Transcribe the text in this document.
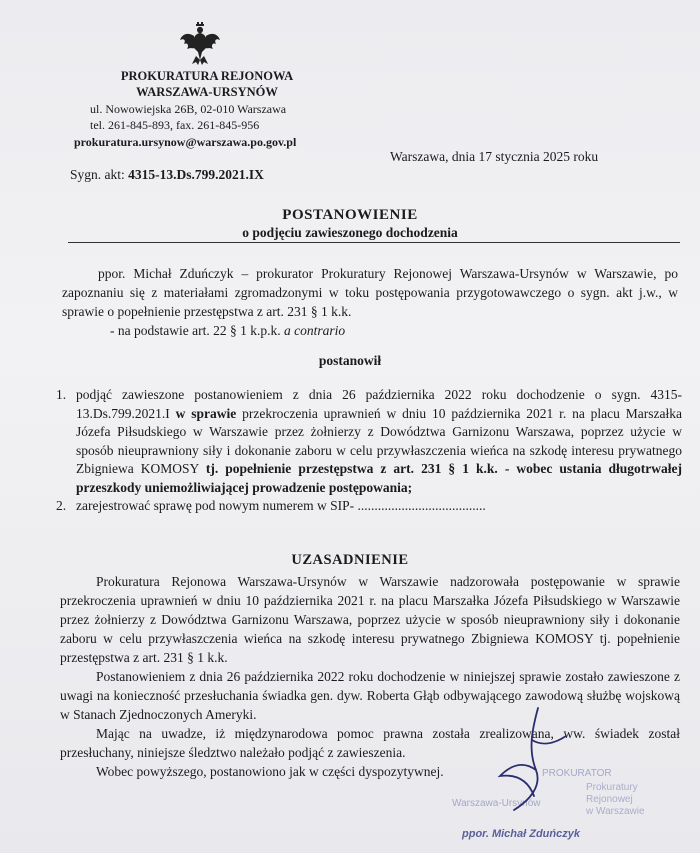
PROKURATURA REJONOWA
WARSZAWA-URSYNÓW
ul. Nowowiejska 26B, 02-010 Warszawa
tel. 261-845-893, fax. 261-845-956
prokuratura.ursynow@warszawa.po.gov.pl
Warszawa, dnia 17 stycznia 2025 roku
Sygn. akt: 4315-13.Ds.799.2021.IX
POSTANOWIENIE
o podjęciu zawieszonego dochodzenia
ppor. Michał Zduńczyk – prokurator Prokuratury Rejonowej Warszawa-Ursynów w Warszawie, po zapoznaniu się z materiałami zgromadzonymi w toku postępowania przygotowawczego o sygn. akt j.w., w sprawie o popełnienie przestępstwa z art. 231 § 1 k.k.
- na podstawie art. 22 § 1 k.p.k. a contrario
postanowił
1. podjąć zawieszone postanowieniem z dnia 26 października 2022 roku dochodzenie o sygn. 4315-13.Ds.799.2021.I w sprawie przekroczenia uprawnień w dniu 10 października 2021 r. na placu Marszałka Józefa Piłsudskiego w Warszawie przez żołnierzy z Dowództwa Garnizonu Warszawa, poprzez użycie w sposób nieuprawniony siły i dokonanie zaboru w celu przywłaszczenia wieńca na szkodę interesu prywatnego Zbigniewa KOMOSY tj. popełnienie przestępstwa z art. 231 § 1 k.k. - wobec ustania długotrwałej przeszkody uniemożliwiającej prowadzenie postępowania;
2. zarejestrować sprawę pod nowym numerem w SIP- ......................................
UZASADNIENIE
Prokuratura Rejonowa Warszawa-Ursynów w Warszawie nadzorowała postępowanie w sprawie przekroczenia uprawnień w dniu 10 października 2021 r. na placu Marszałka Józefa Piłsudskiego w Warszawie przez żołnierzy z Dowództwa Garnizonu Warszawa, poprzez użycie w sposób nieuprawniony siły i dokonanie zaboru w celu przywłaszczenia wieńca na szkodę interesu prywatnego Zbigniewa KOMOSY tj. popełnienie przestępstwa z art. 231 § 1 k.k.
Postanowieniem z dnia 26 października 2022 roku dochodzenie w niniejszej sprawie zostało zawieszone z uwagi na konieczność przesłuchania świadka gen. dyw. Roberta Głąb odbywającego zawodową służbę wojskową w Stanach Zjednoczonych Ameryki.
Mając na uwadze, iż międzynarodowa pomoc prawna została zrealizowana, ww. świadek został przesłuchany, niniejsze śledztwo należało podjąć z zawieszenia.
Wobec powyższego, postanowiono jak w części dyspozytywnej.	PROKURATOR
Prokuratury
Rejonowej
Warszawa-Ursynów
w Warszawie
ppor. Michał Zduńczyk
